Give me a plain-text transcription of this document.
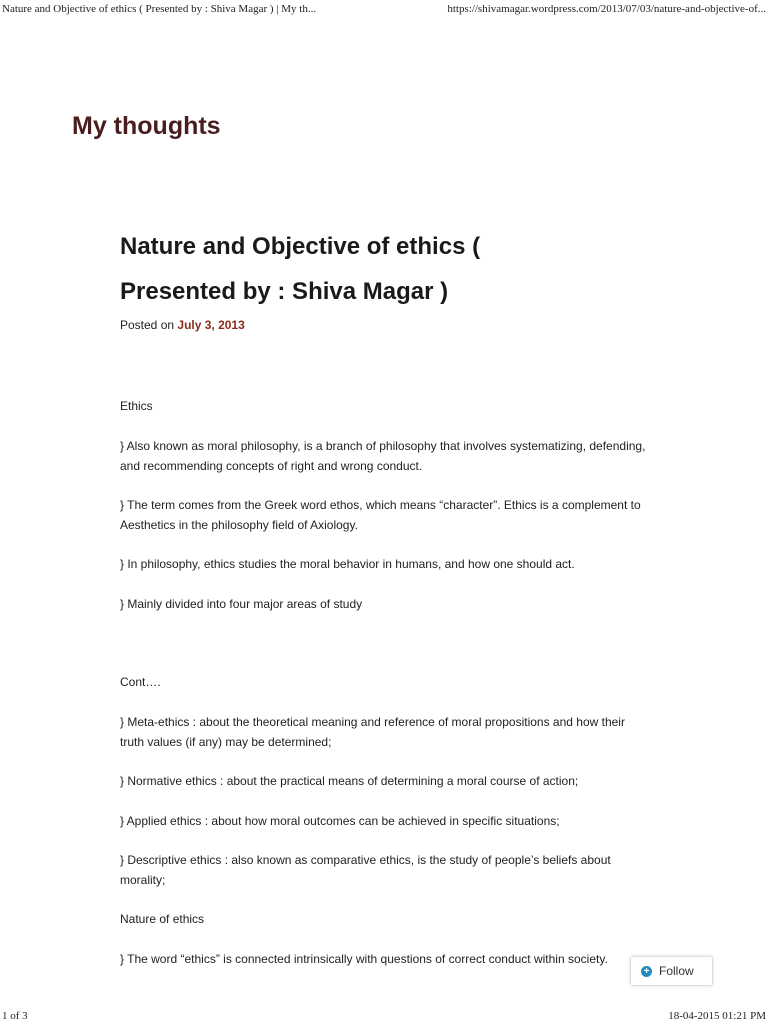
Nature and Objective of ethics ( Presented by : Shiva Magar ) | My th...	https://shivamagar.wordpress.com/2013/07/03/nature-and-objective-of...
My thoughts
Nature and Objective of ethics (
Presented by : Shiva Magar )
Posted on July 3, 2013

Ethics

} Also known as moral philosophy, is a branch of philosophy that involves systematizing, defending, and recommending concepts of right and wrong conduct.

} The term comes from the Greek word ethos, which means “character”. Ethics is a complement to Aesthetics in the philosophy field of Axiology.

} In philosophy, ethics studies the moral behavior in humans, and how one should act.

} Mainly divided into four major areas of study

Cont….

} Meta-ethics : about the theoretical meaning and reference of moral propositions and how their truth values (if any) may be determined;

} Normative ethics : about the practical means of determining a moral course of action;

} Applied ethics : about how moral outcomes can be achieved in specific situations;

} Descriptive ethics : also known as comparative ethics, is the study of people’s beliefs about morality;

Nature of ethics

} The word “ethics” is connected intrinsically with questions of correct conduct within society.

+ Follow
1 of 3	18-04-2015 01:21 PM
